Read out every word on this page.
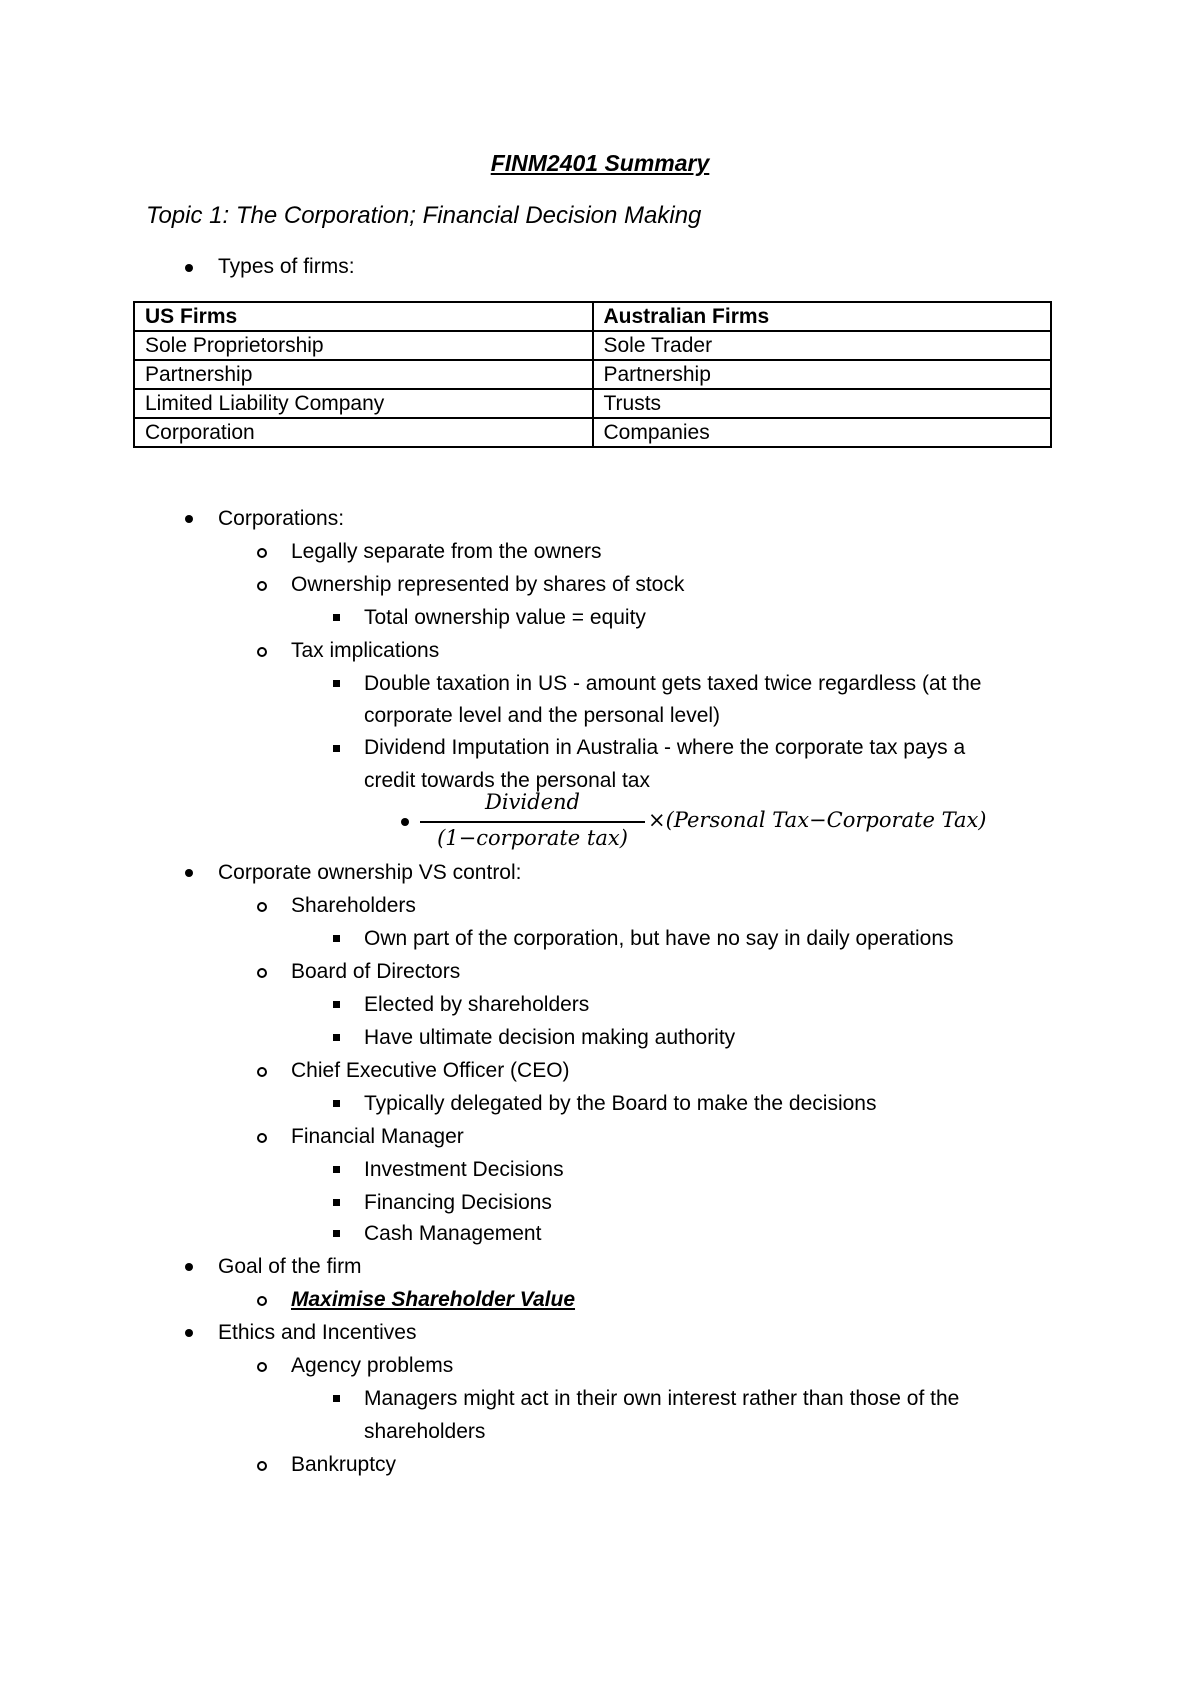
FINM2401 Summary
Topic 1: The Corporation; Financial Decision Making
Types of firms:
US Firms	Australian Firms
Sole Proprietorship	Sole Trader
Partnership	Partnership
Limited Liability Company	Trusts
Corporation	Companies
Corporations:
Legally separate from the owners
Ownership represented by shares of stock
Total ownership value = equity
Tax implications
Double taxation in US - amount gets taxed twice regardless (at the
corporate level and the personal level)
Dividend Imputation in Australia - where the corporate tax pays a
credit towards the personal tax
Dividend
(1−corporate tax)
×(Personal Tax−Corporate Tax)
Corporate ownership VS control:
Shareholders
Own part of the corporation, but have no say in daily operations
Board of Directors
Elected by shareholders
Have ultimate decision making authority
Chief Executive Officer (CEO)
Typically delegated by the Board to make the decisions
Financial Manager
Investment Decisions
Financing Decisions
Cash Management
Goal of the firm
Maximise Shareholder Value
Ethics and Incentives
Agency problems
Managers might act in their own interest rather than those of the
shareholders
Bankruptcy
